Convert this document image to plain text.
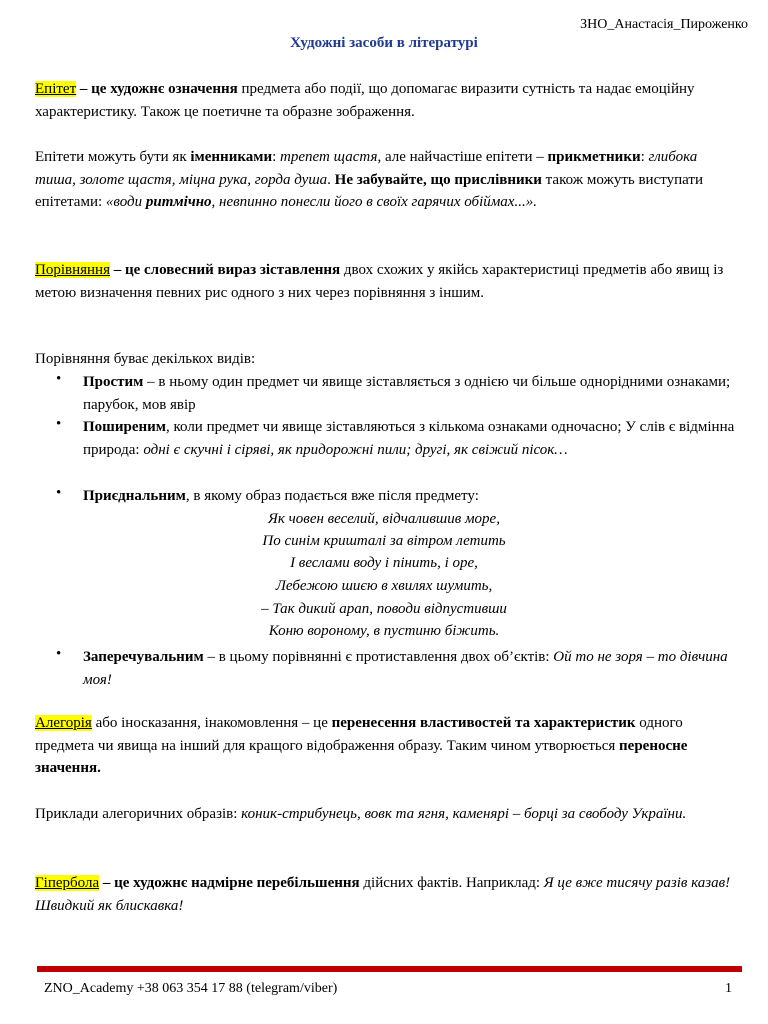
ЗНО_Анастасія_Пироженко
Художні засоби в літературі
Епітет – це художнє означення предмета або події, що допомагає виразити сутність та надає емоційну характеристику. Також це поетичне та образне зображення.
Епітети можуть бути як іменниками: трепет щастя, але найчастіше епітети – прикметники: глибока тиша, золоте щастя, міцна рука, горда душа. Не забувайте, що прислівники також можуть виступати епітетами: «води ритмічно, невпинно понесли його в своїх гарячих обіймах...».
Порівняння – це словесний вираз зіставлення двох схожих у якійсь характеристиці предметів або явищ із метою визначення певних рис одного з них через порівняння з іншим.
Порівняння буває декількох видів:
• Простим – в ньому один предмет чи явище зіставляється з однією чи більше однорідними ознаками; парубок, мов явір
• Поширеним, коли предмет чи явище зіставляються з кількома ознаками одночасно; У слів є відмінна природа: одні є скучні і сіряві, як придорожні пили; другі, як свіжий пісок…
• Приєднальним, в якому образ подається вже після предмету:
Як човен веселий, відчалившив море,
По синім кришталі за вітром летить
І веслами воду і пінить, і оре,
Лебежою шиєю в хвилях шумить,
– Так дикий арап, поводи відпустивши
Коню вороному, в пустиню біжить.
• Заперечувальним – в цьому порівнянні є протиставлення двох об’єктів: Ой то не зоря – то дівчина моя!
Алегорія або іносказання, інакомовлення – це перенесення властивостей та характеристик одного предмета чи явища на інший для кращого відображення образу. Таким чином утворюється переносне значення.
Приклади алегоричних образів: коник-стрибунець, вовк та ягня, каменярі – борці за свободу України.
Гіпербола – це художнє надмірне перебільшення дійсних фактів. Наприклад: Я це вже тисячу разів казав! Швидкий як блискавка!
ZNO_Academy +38 063 354 17 88 (telegram/viber)	1
